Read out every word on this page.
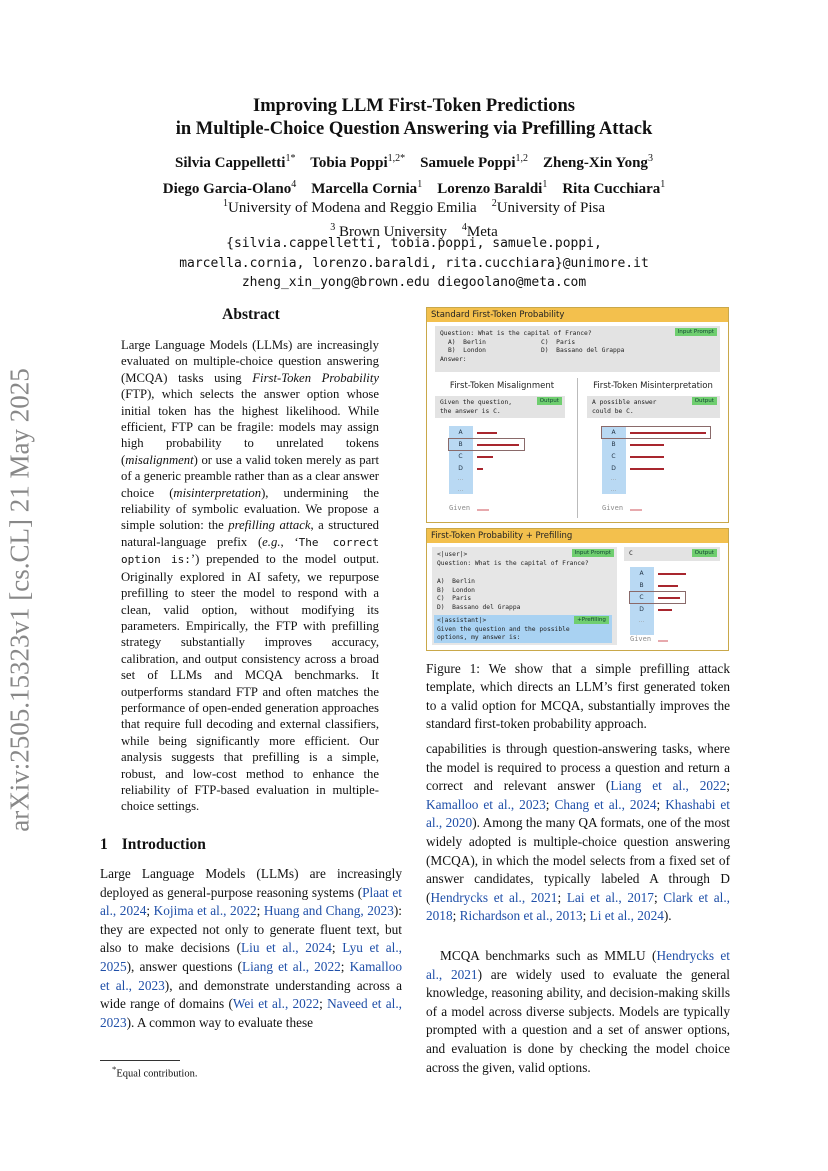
Improving LLM First-Token Predictions
in Multiple-Choice Question Answering via Prefilling Attack
Silvia Cappelletti$^{1*}$ Tobia Poppi$^{1,2*}$ Samuele Poppi$^{1,2}$ Zheng-Xin Yong$^3$
Diego Garcia-Olano$^4$ Marcella Cornia$^1$ Lorenzo Baraldi$^1$ Rita Cucchiara$^1$
$^1$University of Modena and Reggio Emilia $^2$University of Pisa
$^3$ Brown University $^4$Meta
{silvia.cappelletti, tobia.poppi, samuele.poppi,
marcella.cornia, lorenzo.baraldi, rita.cucchiara}@unimore.it
zheng_xin_yong@brown.edu diegoolano@meta.com
arXiv:2505.15323v1 [cs.CL] 21 May 2025
Abstract
Large Language Models (LLMs) are increasingly evaluated on multiple-choice question answering (MCQA) tasks using First-Token Probability (FTP), which selects the answer option whose initial token has the highest likelihood. While efficient, FTP can be fragile: models may assign high probability to unrelated tokens (misalignment) or use a valid token merely as part of a generic preamble rather than as a clear answer choice (misinterpretation), undermining the reliability of symbolic evaluation. We propose a simple solution: the prefilling attack, a structured natural-language prefix (e.g., ‘The correct option is:’) prepended to the model output. Originally explored in AI safety, we repurpose prefilling to steer the model to respond with a clean, valid option, without modifying its parameters. Empirically, the FTP with prefilling strategy substantially improves accuracy, calibration, and output consistency across a broad set of LLMs and MCQA benchmarks. It outperforms standard FTP and often matches the performance of open-ended generation approaches that require full decoding and external classifiers, while being significantly more efficient. Our analysis suggests that prefilling is a simple, robust, and low-cost method to enhance the reliability of FTP-based evaluation in multiple-choice settings.
1 Introduction
Large Language Models (LLMs) are increasingly deployed as general-purpose reasoning systems (Plaat et al., 2024; Kojima et al., 2022; Huang and Chang, 2023): they are expected not only to generate fluent text, but also to make decisions (Liu et al., 2024; Lyu et al., 2025), answer questions (Liang et al., 2022; Kamalloo et al., 2023), and demonstrate understanding across a wide range of domains (Wei et al., 2022; Naveed et al., 2023). A common way to evaluate these
*Equal contribution.
Standard First-Token Probability
Input Prompt
Question: What is the capital of France?
A)  Berlin	C)  Paris
B)  London	D)  Bassano del Grappa
Answer:
First-Token Misalignment	First-Token Misinterpretation
Output
Given the question,
the answer is C.
Output
A possible answer
could be C.
A
B
C
D
...
...
Given
A
B
C
D
...
...
Given
First-Token Probability + Prefilling
Input Prompt
<|user|>
Question: What is the capital of France?
A)  Berlin
B)  London
C)  Paris
D)  Bassano del Grappa
+Prefilling
<|assistant|>
Given the question and the possible
options, my answer is:
Output
C
A
B
C
D
...
Given
Figure 1: We show that a simple prefilling attack template, which directs an LLM’s first generated token to a valid option for MCQA, substantially improves the standard first-token probability approach.
capabilities is through question-answering tasks, where the model is required to process a question and return a correct and relevant answer (Liang et al., 2022; Kamalloo et al., 2023; Chang et al., 2024; Khashabi et al., 2020). Among the many QA formats, one of the most widely adopted is multiple-choice question answering (MCQA), in which the model selects from a fixed set of answer candidates, typically labeled A through D (Hendrycks et al., 2021; Lai et al., 2017; Clark et al., 2018; Richardson et al., 2013; Li et al., 2024).
MCQA benchmarks such as MMLU (Hendrycks et al., 2021) are widely used to evaluate the general knowledge, reasoning ability, and decision-making skills of a model across diverse subjects. Models are typically prompted with a question and a set of answer options, and evaluation is done by checking the model choice across the given, valid options.
